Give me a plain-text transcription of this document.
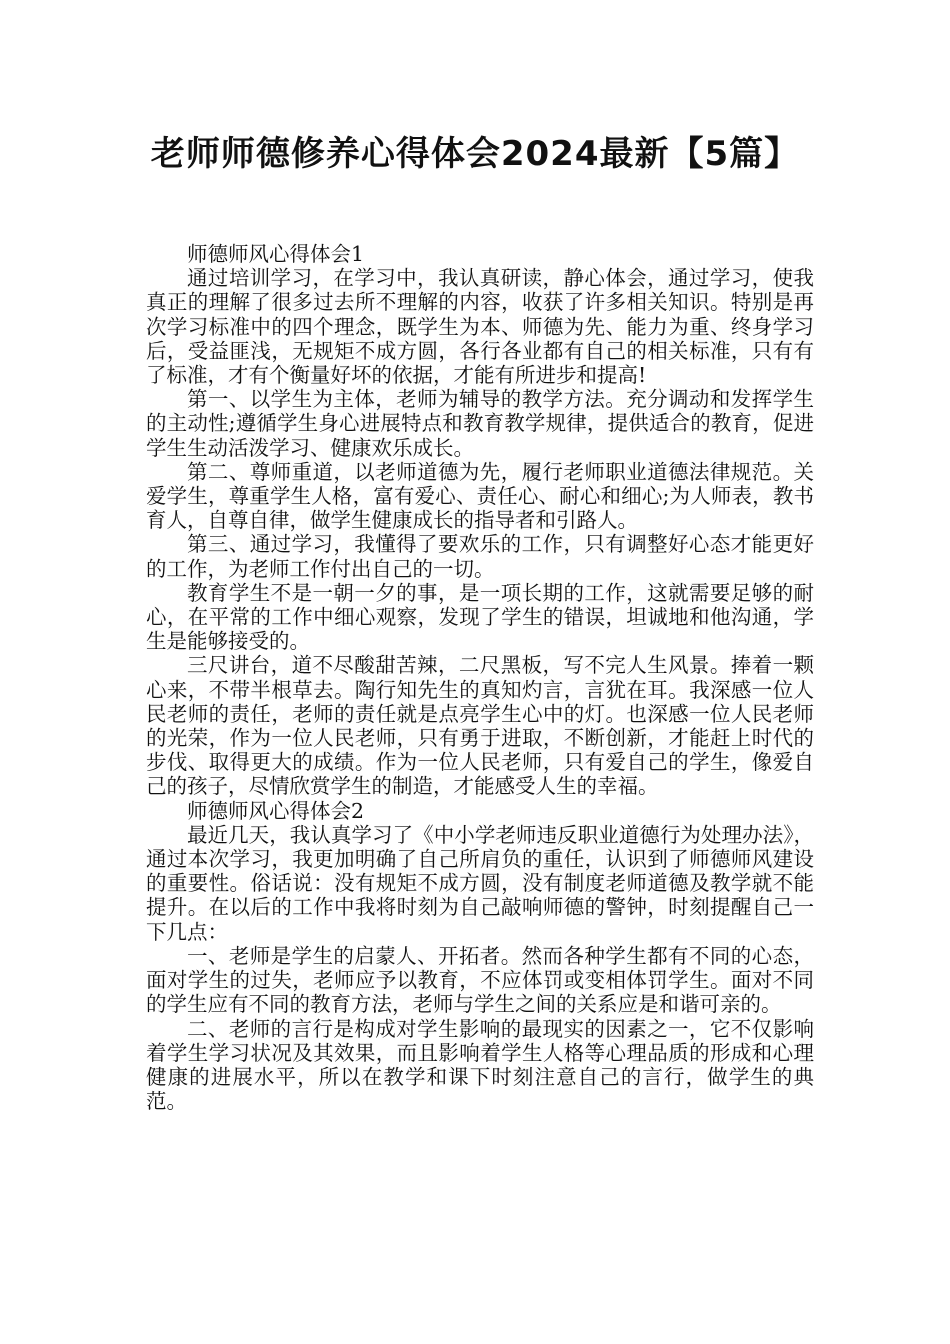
老师师德修养心得体会2024最新【5篇】

师德师风心得体会1

通过培训学习，在学习中，我认真研读，静心体会，通过学习，使我真正的理解了很多过去所不理解的内容，收获了许多相关知识。特别是再次学习标准中的四个理念，既学生为本、师德为先、能力为重、终身学习后，受益匪浅，无规矩不成方圆，各行各业都有自己的相关标准，只有有了标准，才有个衡量好坏的依据，才能有所进步和提高!

第一、以学生为主体，老师为辅导的教学方法。充分调动和发挥学生的主动性;遵循学生身心进展特点和教育教学规律，提供适合的教育，促进学生生动活泼学习、健康欢乐成长。

第二、尊师重道，以老师道德为先，履行老师职业道德法律规范。关爱学生，尊重学生人格，富有爱心、责任心、耐心和细心;为人师表，教书育人，自尊自律，做学生健康成长的指导者和引路人。

第三、通过学习，我懂得了要欢乐的工作，只有调整好心态才能更好的工作，为老师工作付出自己的一切。

教育学生不是一朝一夕的事，是一项长期的工作，这就需要足够的耐心，在平常的工作中细心观察，发现了学生的错误，坦诚地和他沟通，学生是能够接受的。

三尺讲台，道不尽酸甜苦辣，二尺黑板，写不完人生风景。捧着一颗心来，不带半根草去。陶行知先生的真知灼言，言犹在耳。我深感一位人民老师的责任，老师的责任就是点亮学生心中的灯。也深感一位人民老师的光荣，作为一位人民老师，只有勇于进取，不断创新，才能赶上时代的步伐、取得更大的成绩。作为一位人民老师，只有爱自己的学生，像爱自己的孩子，尽情欣赏学生的制造，才能感受人生的幸福。

师德师风心得体会2

最近几天，我认真学习了《中小学老师违反职业道德行为处理办法》，通过本次学习，我更加明确了自己所肩负的重任，认识到了师德师风建设的重要性。俗话说：没有规矩不成方圆，没有制度老师道德及教学就不能提升。在以后的工作中我将时刻为自己敲响师德的警钟，时刻提醒自己一下几点：

一、老师是学生的启蒙人、开拓者。然而各种学生都有不同的心态，面对学生的过失，老师应予以教育，不应体罚或变相体罚学生。面对不同的学生应有不同的教育方法，老师与学生之间的关系应是和谐可亲的。

二、老师的言行是构成对学生影响的最现实的因素之一，它不仅影响着学生学习状况及其效果，而且影响着学生人格等心理品质的形成和心理健康的进展水平，所以在教学和课下时刻注意自己的言行，做学生的典范。
